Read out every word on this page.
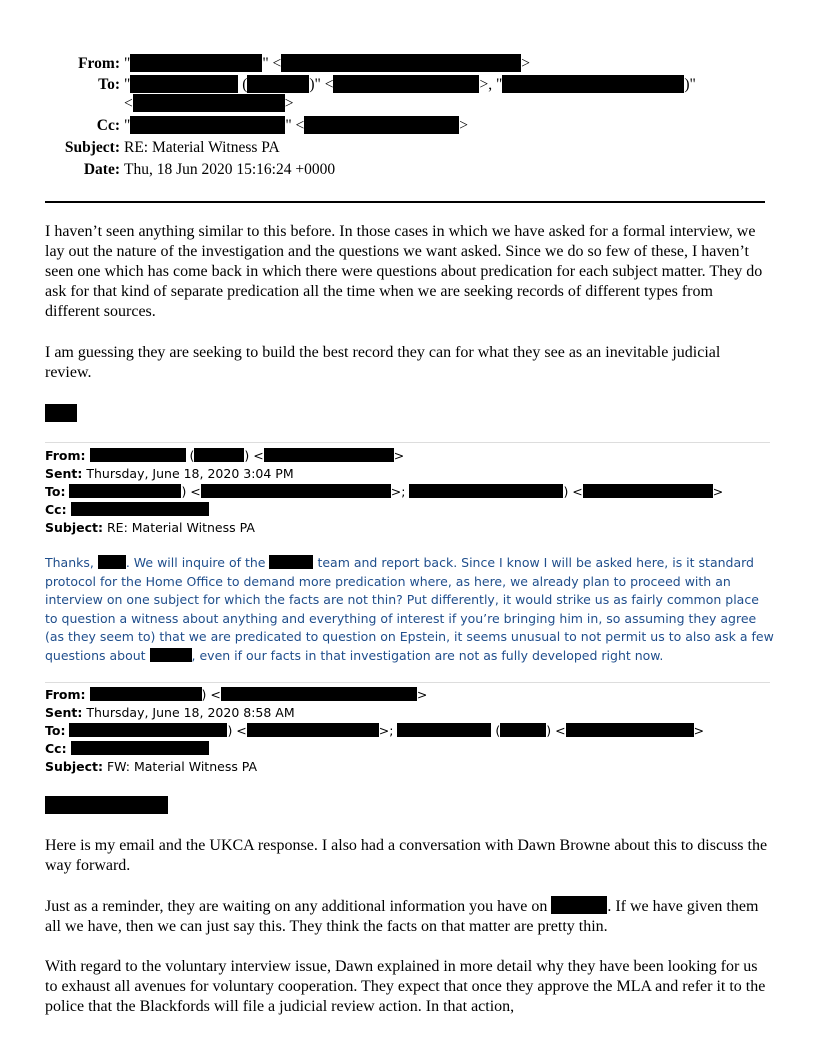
From: "	" <	>
To: "	(	)" <	>, "	)"
<	>
Cc: "	" <	>
Subject: RE: Material Witness PA
Date: Thu, 18 Jun 2020 15:16:24 +0000
I haven’t seen anything similar to this before. In those cases in which we have asked for a formal interview, we lay out the nature of the investigation and the questions we want asked. Since we do so few of these, I haven’t seen one which has come back in which there were questions about predication for each subject matter. They do ask for that kind of separate predication all the time when we are seeking records of different types from different sources.
I am guessing they are seeking to build the best record they can for what they see as an inevitable judicial review.
From:	(	) <	>
Sent: Thursday, June 18, 2020 3:04 PM
To:	) <	>;	) <	>
Cc:
Subject: RE: Material Witness PA
Thanks, . We will inquire of the	team and report back. Since I know I will be asked here, is it standard protocol for the Home Office to demand more predication where, as here, we already plan to proceed with an interview on one subject for which the facts are not thin? Put differently, it would strike us as fairly common place to question a witness about anything and everything of interest if you’re bringing him in, so assuming they agree (as they seem to) that we are predicated to question on Epstein, it seems unusual to not permit us to also ask a few questions about	, even if our facts in that investigation are not as fully developed right now.
From:	) <	>
Sent: Thursday, June 18, 2020 8:58 AM
To:	) <	>;	(	) <	>
Cc:
Subject: FW: Material Witness PA
Here is my email and the UKCA response. I also had a conversation with Dawn Browne about this to discuss the way forward.
Just as a reminder, they are waiting on any additional information you have on	. If we have given them all we have, then we can just say this. They think the facts on that matter are pretty thin.
With regard to the voluntary interview issue, Dawn explained in more detail why they have been looking for us to exhaust all avenues for voluntary cooperation. They expect that once they approve the MLA and refer it to the police that the Blackfords will file a judicial review action. In that action,
